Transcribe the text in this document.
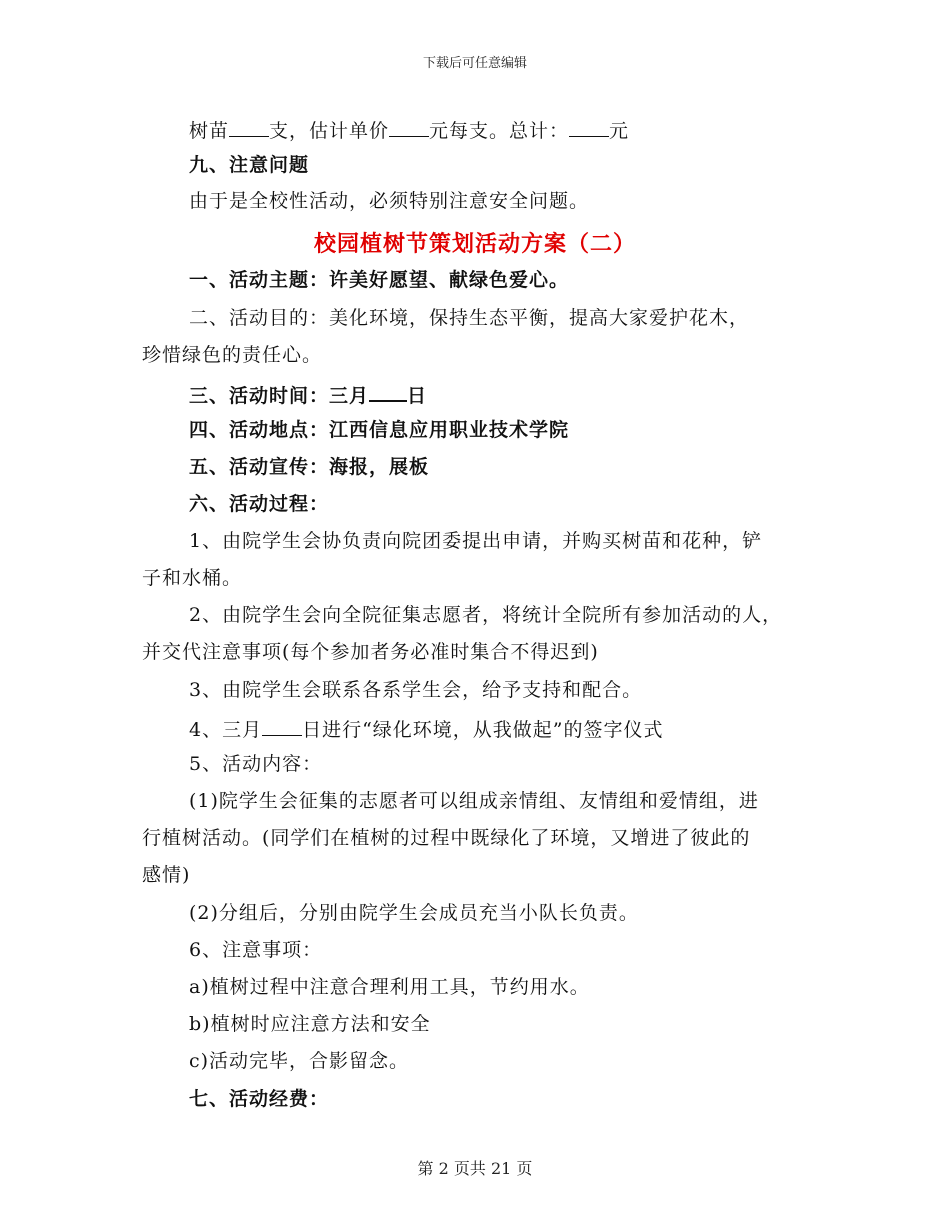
下载后可任意编辑
树苗 支，估计单价 元每支。总计： 元
九、注意问题
由于是全校性活动，必须特别注意安全问题。
校园植树节策划活动方案（二）
一、活动主题：许美好愿望、献绿色爱心。
二、活动目的：美化环境，保持生态平衡，提高大家爱护花木，
珍惜绿色的责任心。
三、活动时间：三月 日
四、活动地点：江西信息应用职业技术学院
五、活动宣传：海报，展板
六、活动过程：
1、由院学生会协负责向院团委提出申请，并购买树苗和花种，铲
子和水桶。
2、由院学生会向全院征集志愿者，将统计全院所有参加活动的人，
并交代注意事项(每个参加者务必准时集合不得迟到)
3、由院学生会联系各系学生会，给予支持和配合。
4、三月 日进行“绿化环境，从我做起”的签字仪式
5、活动内容：
(1)院学生会征集的志愿者可以组成亲情组、友情组和爱情组，进
行植树活动。(同学们在植树的过程中既绿化了环境，又增进了彼此的
感情)
(2)分组后，分别由院学生会成员充当小队长负责。
6、注意事项：
a)植树过程中注意合理利用工具，节约用水。
b)植树时应注意方法和安全
c)活动完毕，合影留念。
七、活动经费：
第 2 页共 21 页
